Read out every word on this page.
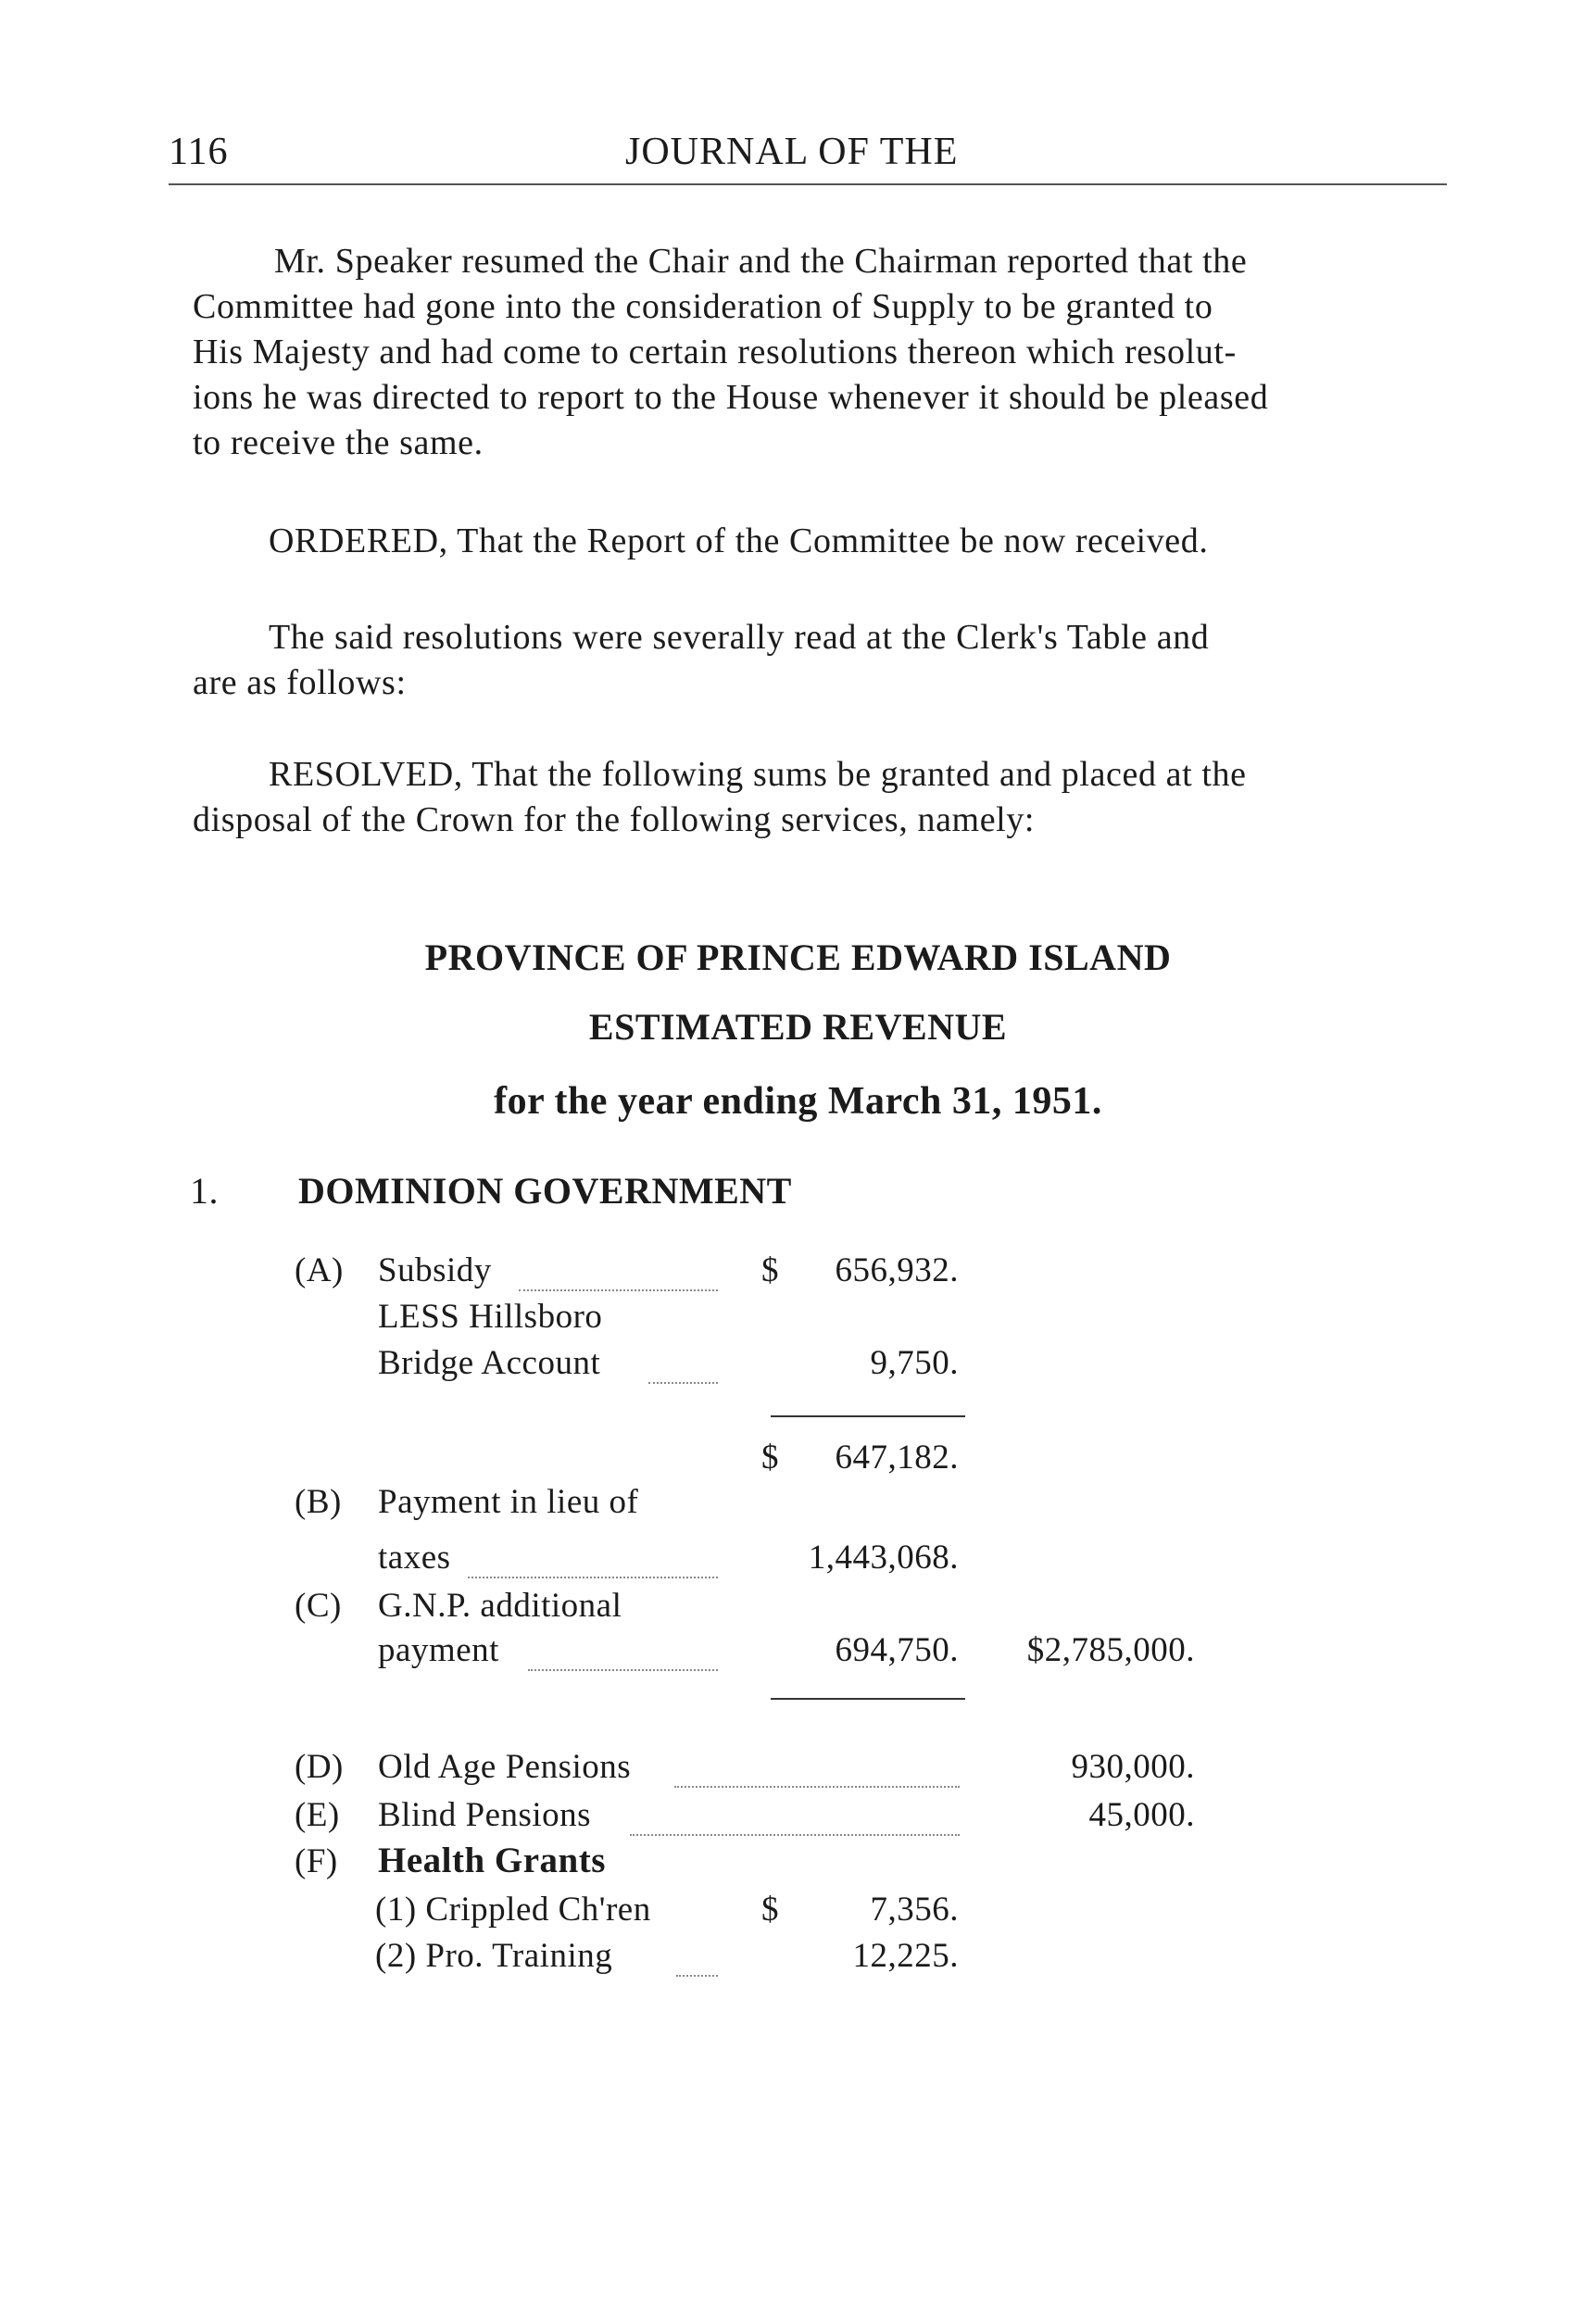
116	JOURNAL OF THE

Mr. Speaker resumed the Chair and the Chairman reported that the

Committee had gone into the consideration of Supply to be granted to

His Majesty and had come to certain resolutions thereon which resolut-

ions he was directed to report to the House whenever it should be pleased

to receive the same.

ORDERED, That the Report of the Committee be now received.

The said resolutions were severally read at the Clerk's Table and

are as follows:

RESOLVED, That the following sums be granted and placed at the

disposal of the Crown for the following services, namely:

PROVINCE OF PRINCE EDWARD ISLAND
ESTIMATED REVENUE
for the year ending March 31, 1951.
1. DOMINION GOVERNMENT
(A) Subsidy	$	656,932.
LESS Hillsboro
Bridge Account	9,750.
$	647,182.
(B) Payment in lieu of
taxes	1,443,068.
(C) G.N.P. additional
payment	694,750.	$2,785,000.
(D) Old Age Pensions	930,000.
(E) Blind Pensions	45,000.
(F) Health Grants
(1) Crippled Ch'ren	$	7,356.
(2) Pro. Training	12,225.
